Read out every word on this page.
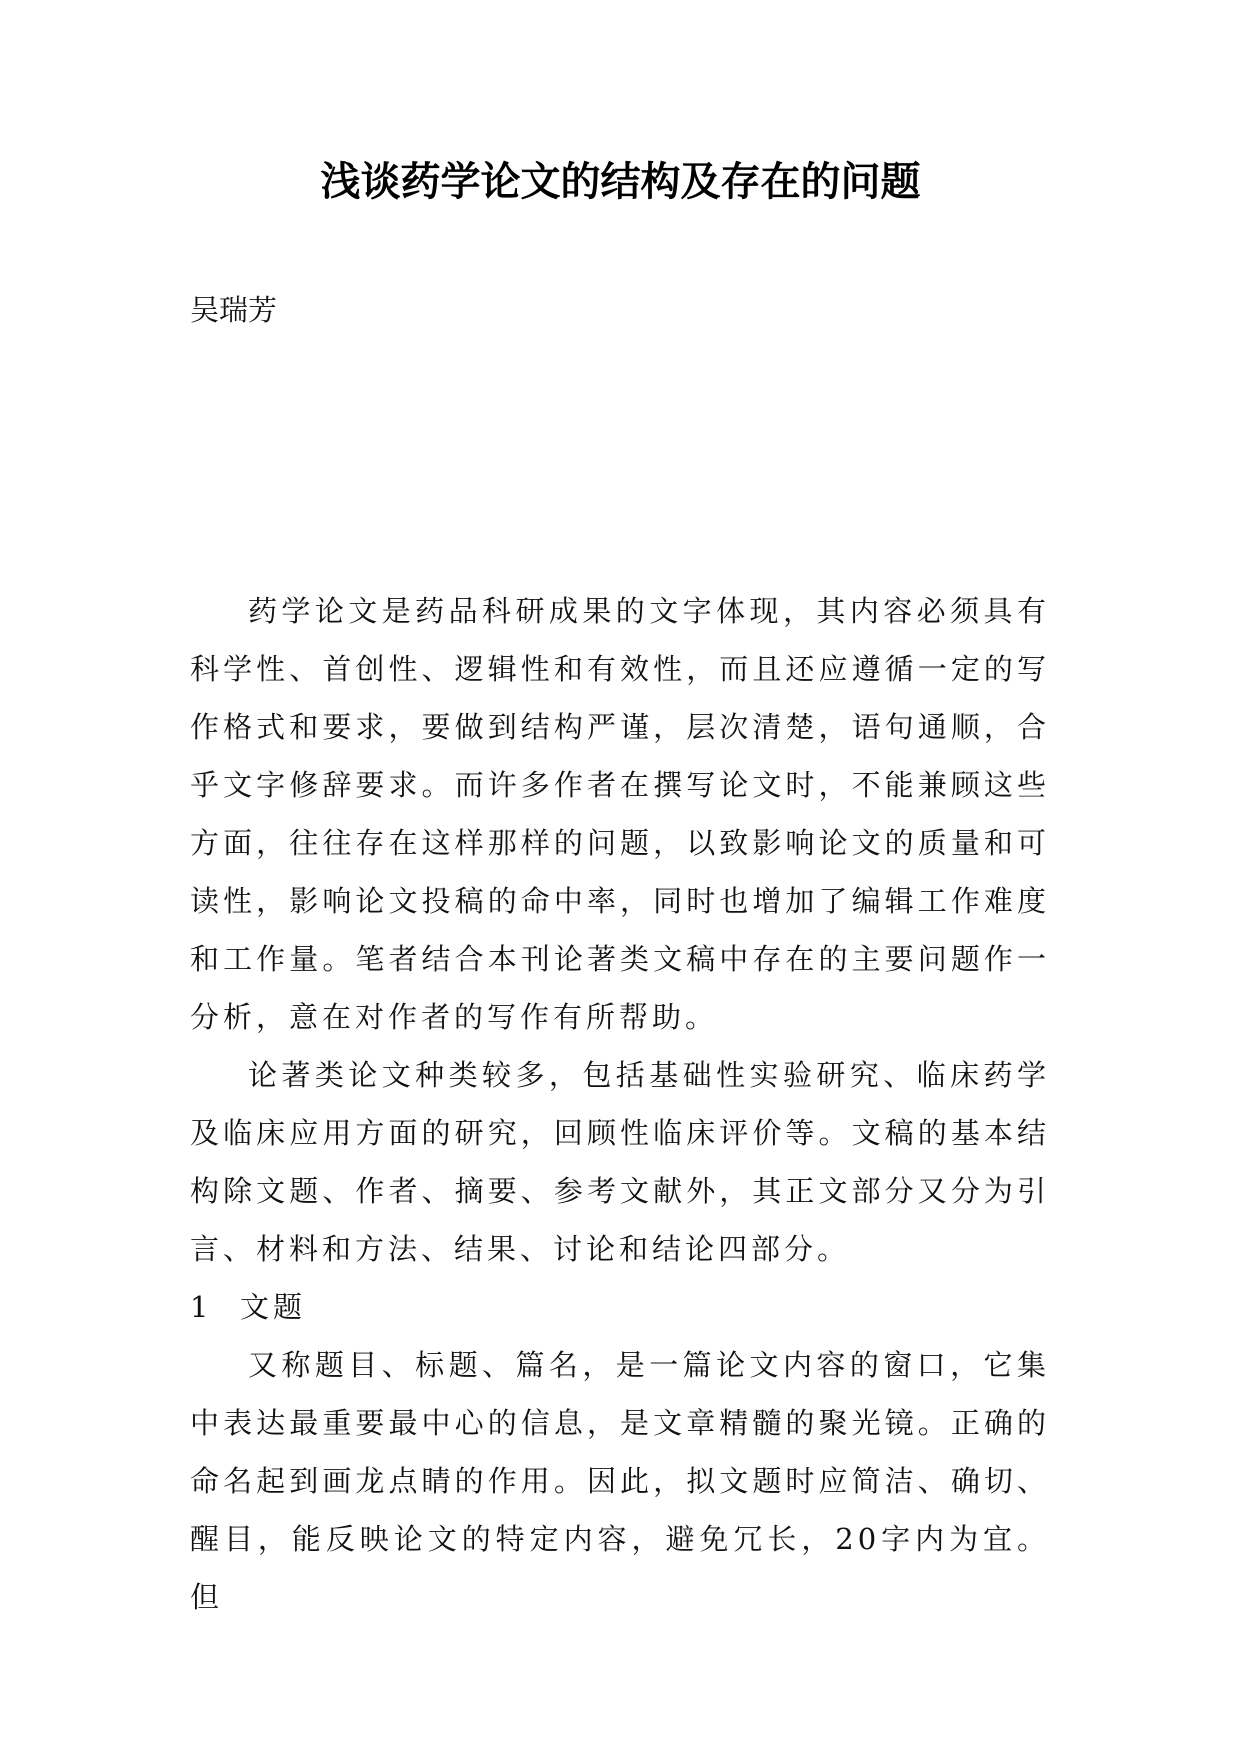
浅谈药学论文的结构及存在的问题
吴瑞芳

药学论文是药品科研成果的文字体现，其内容必须具有科学性、首创性、逻辑性和有效性，而且还应遵循一定的写作格式和要求，要做到结构严谨，层次清楚，语句通顺，合乎文字修辞要求。而许多作者在撰写论文时，不能兼顾这些方面，往往存在这样那样的问题，以致影响论文的质量和可读性，影响论文投稿的命中率，同时也增加了编辑工作难度和工作量。笔者结合本刊论著类文稿中存在的主要问题作一分析，意在对作者的写作有所帮助。

论著类论文种类较多，包括基础性实验研究、临床药学及临床应用方面的研究，回顾性临床评价等。文稿的基本结构除文题、作者、摘要、参考文献外，其正文部分又分为引言、材料和方法、结果、讨论和结论四部分。

1 文题

又称题目、标题、篇名，是一篇论文内容的窗口，它集中表达最重要最中心的信息，是文章精髓的聚光镜。正确的命名起到画龙点睛的作用。因此，拟文题时应简洁、确切、醒目，能反映论文的特定内容，避免冗长，20字内为宜。但
